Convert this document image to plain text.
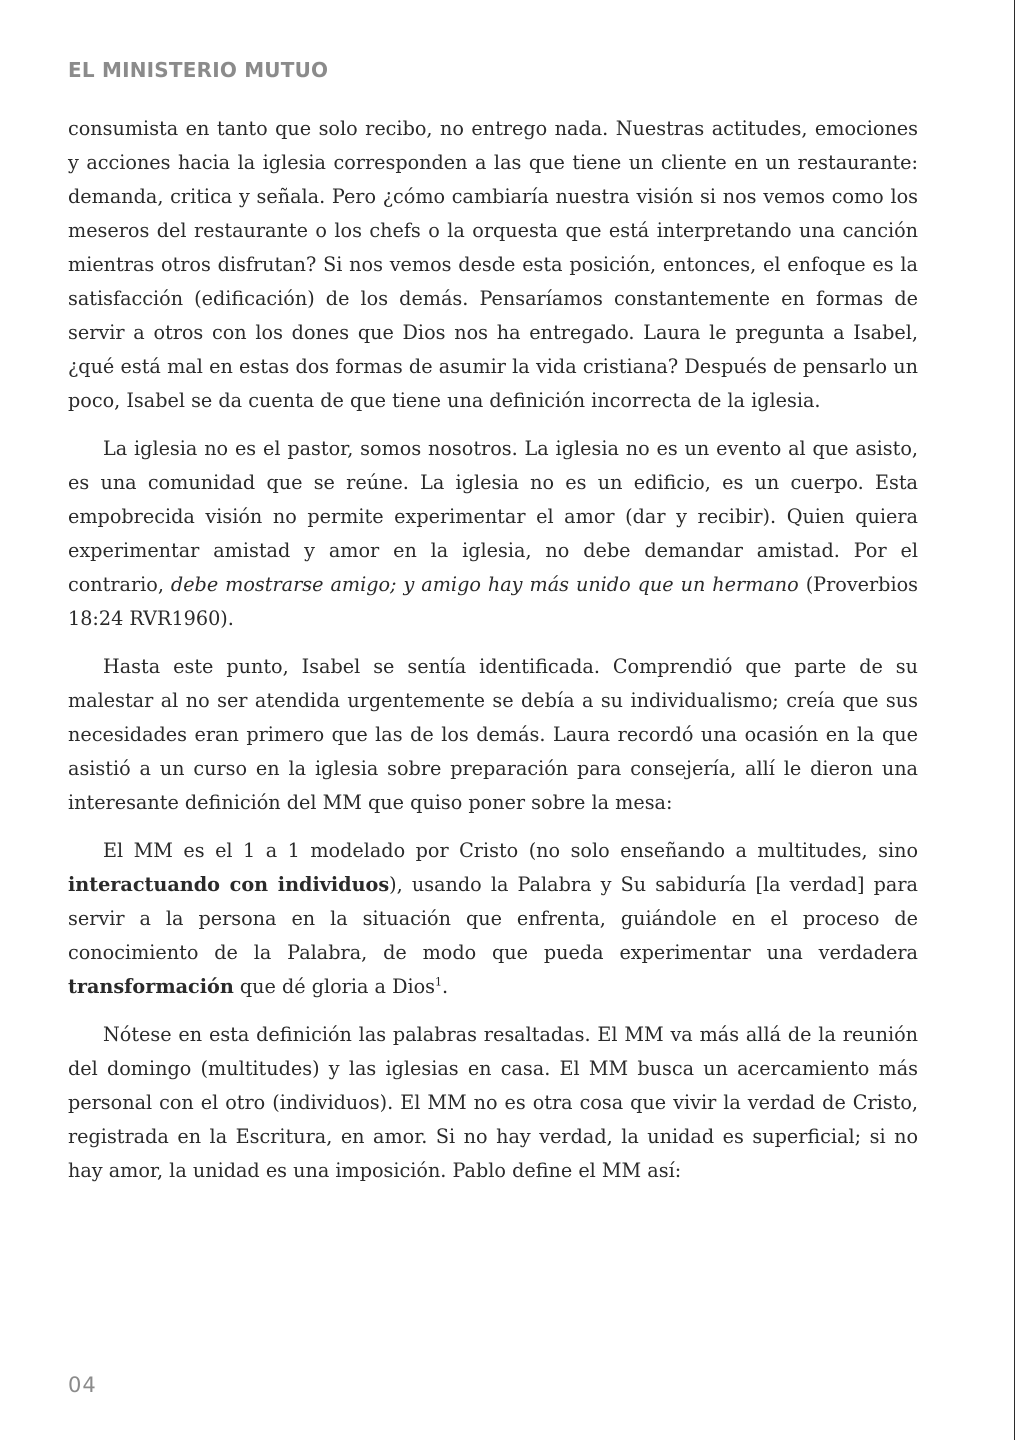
EL MINISTERIO MUTUO

consumista en tanto que solo recibo, no entrego nada. Nuestras actitudes, emociones y acciones hacia la iglesia corresponden a las que tiene un cliente en un restaurante: demanda, critica y señala. Pero ¿cómo cambiaría nuestra visión si nos vemos como los meseros del restaurante o los chefs o la orquesta que está interpretando una canción mientras otros disfrutan? Si nos vemos desde esta posición, entonces, el enfoque es la satisfacción (edificación) de los demás. Pensaríamos constantemente en formas de servir a otros con los dones que Dios nos ha entregado. Laura le pregunta a Isabel, ¿qué está mal en estas dos formas de asumir la vida cristiana? Después de pensarlo un poco, Isabel se da cuenta de que tiene una definición incorrecta de la iglesia.

La iglesia no es el pastor, somos nosotros. La iglesia no es un evento al que asisto, es una comunidad que se reúne. La iglesia no es un edificio, es un cuerpo. Esta empobrecida visión no permite experimentar el amor (dar y recibir). Quien quiera experimentar amistad y amor en la iglesia, no debe demandar amistad. Por el contrario, debe mostrarse amigo; y amigo hay más unido que un hermano (Proverbios 18:24 RVR1960).

Hasta este punto, Isabel se sentía identificada. Comprendió que parte de su malestar al no ser atendida urgentemente se debía a su individualismo; creía que sus necesidades eran primero que las de los demás. Laura recordó una ocasión en la que asistió a un curso en la iglesia sobre preparación para consejería, allí le dieron una interesante definición del MM que quiso poner sobre la mesa:

El MM es el 1 a 1 modelado por Cristo (no solo enseñando a multitudes, sino interactuando con individuos), usando la Palabra y Su sabiduría [la verdad] para servir a la persona en la situación que enfrenta, guiándole en el proceso de conocimiento de la Palabra, de modo que pueda experimentar una verdadera transformación que dé gloria a Dios$^1$.

Nótese en esta definición las palabras resaltadas. El MM va más allá de la reunión del domingo (multitudes) y las iglesias en casa. El MM busca un acercamiento más personal con el otro (individuos). El MM no es otra cosa que vivir la verdad de Cristo, registrada en la Escritura, en amor. Si no hay verdad, la unidad es superficial; si no hay amor, la unidad es una imposición. Pablo define el MM así:

04
